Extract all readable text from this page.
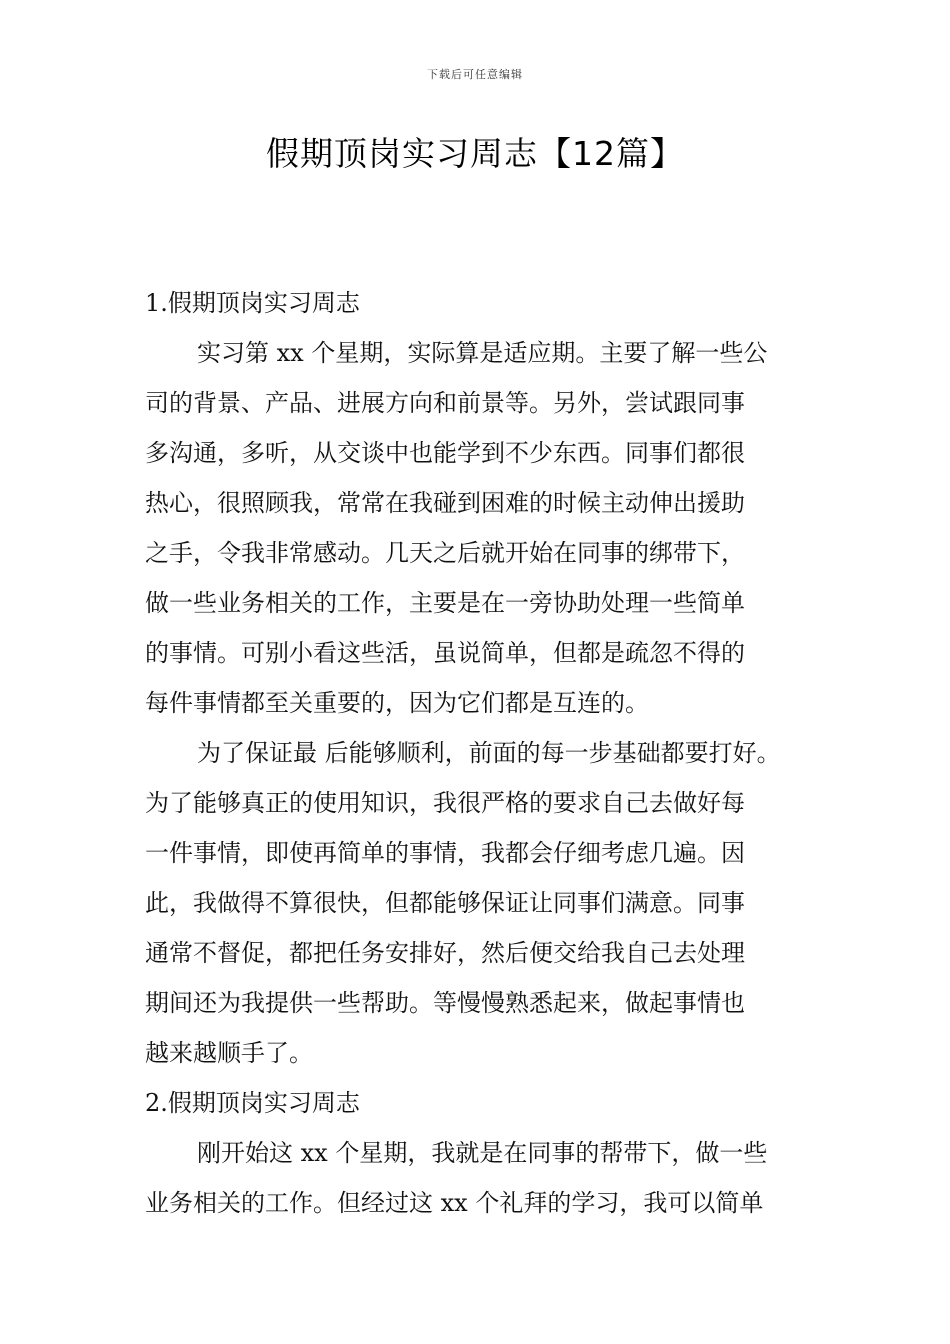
下载后可任意编辑
假期顶岗实习周志【12篇】
1.假期顶岗实习周志
实习第 xx 个星期，实际算是适应期。主要了解一些公
司的背景、产品、进展方向和前景等。另外，尝试跟同事
多沟通，多听，从交谈中也能学到不少东西。同事们都很
热心，很照顾我，常常在我碰到困难的时候主动伸出援助
之手，令我非常感动。几天之后就开始在同事的绑带下，
做一些业务相关的工作，主要是在一旁协助处理一些简单
的事情。可别小看这些活，虽说简单，但都是疏忽不得的
每件事情都至关重要的，因为它们都是互连的。
为了保证最 后能够顺利，前面的每一步基础都要打好。
为了能够真正的使用知识，我很严格的要求自己去做好每
一件事情，即使再简单的事情，我都会仔细考虑几遍。因
此，我做得不算很快，但都能够保证让同事们满意。同事
通常不督促，都把任务安排好，然后便交给我自己去处理
期间还为我提供一些帮助。等慢慢熟悉起来，做起事情也
越来越顺手了。
2.假期顶岗实习周志
刚开始这 xx 个星期，我就是在同事的帮带下，做一些
业务相关的工作。但经过这 xx 个礼拜的学习，我可以简单
